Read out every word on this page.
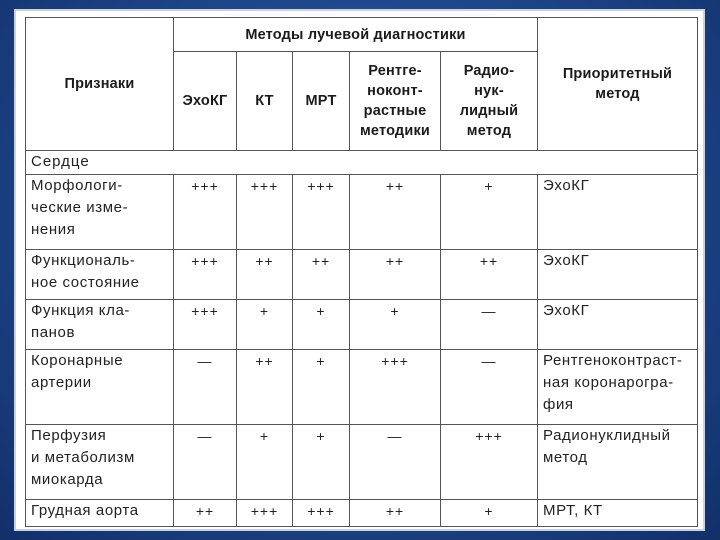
Признаки	Методы лучевой диагностики					Приоритетный
метод
	ЭхоКГ	КТ	МРТ	Рентге-
ноконт-
растные
методики	Радио-
нук-
лидный
метод	
Сердце						
Морфологи-
ческие изме-
нения	+++	+++	+++	++	+	ЭхоКГ
Функциональ-
ное состояние	+++	++	++	++	++	ЭхоКГ
Функция кла-
панов	+++	+	+	+	—	ЭхоКГ
Коронарные
артерии	—	++	+	+++	—	Рентгеноконтраст-
ная коронарогра-
фия
Перфузия
и метаболизм
миокарда	—	+	+	—	+++	Радионуклидный
метод
Грудная аорта	++	+++	+++	++	+	МРТ, КТ
